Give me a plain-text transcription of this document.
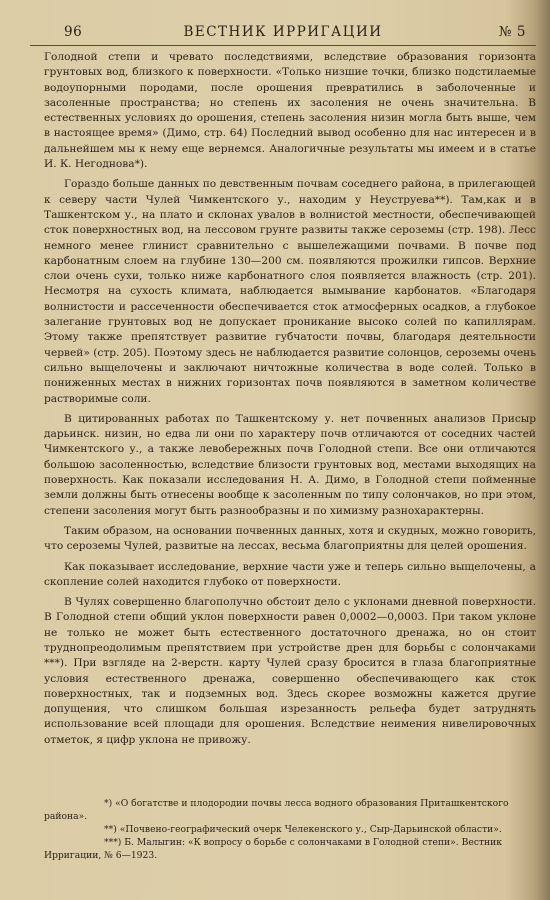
96	ВЕСТНИК ИРРИГАЦИИ	№ 5

Голодной степи и чревато последствиями, вследствие образования горизонта грунтовых вод, близкого к поверхности. «Только низшие точки, близко подстилаемые водоупорными породами, после орошения превратились в заболоченные и засоленные пространства; но степень их засоления не очень значительна. В естественных условиях до орошения, степень засоления низин могла быть выше, чем в настоящее время» (Димо, стр. 64) Последний вывод особенно для нас интересен и в дальнейшем мы к нему еще вернемся. Аналогичные результаты мы имеем и в статье И. К. Негоднова*).

Гораздо больше данных по девственным почвам соседнего района, в прилегающей к северу части Чулей Чимкентского у., находим у Неуструева**). Там,как и в Ташкентском у., на плато и склонах увалов в волнистой местности, обеспечивающей сток поверхностных вод, на лессовом грунте развиты также сероземы (стр. 198). Лесс немного менее глинист сравнительно с вышележащими почвами. В почве под карбонатным слоем на глубине 130—200 см. появляются прожилки гипсов. Верхние слои очень сухи, только ниже карбонатного слоя появляется влажность (стр. 201). Несмотря на сухость климата, наблюдается вымывание карбонатов. «Благодаря волнистости и рассеченности обеспечивается сток атмосферных осадков, а глубокое залегание грунтовых вод не допускает проникание высоко солей по капиллярам. Этому также препятствует развитие губчатости почвы, благодаря деятельности червей» (стр. 205). Поэтому здесь не наблюдается развитие солонцов, сероземы очень сильно выщелочены и заключают ничтожные количества в воде солей. Только в пониженных местах в нижних горизонтах почв появляются в заметном количестве растворимые соли.

В цитированных работах по Ташкентскому у. нет почвенных анализов Присыр дарьинск. низин, но едва ли они по характеру почв отличаются от соседних частей Чимкентского у., а также левобережных почв Голодной степи. Все они отличаются большою засоленностью, вследствие близости грунтовых вод, местами выходящих на поверхность. Как показали исследования Н. А. Димо, в Голодной степи пойменные земли должны быть отнесены вообще к засоленным по типу солончаков, но при этом, степени засоления могут быть разнообразны и по химизму разнохарактерны.

Таким образом, на основании почвенных данных, хотя и скудных, можно говорить, что сероземы Чулей, развитые на лессах, весьма благоприятны для целей орошения.

Как показывает исследование, верхние части уже и теперь сильно выщелочены, а скопление солей находится глубоко от поверхности.

В Чулях совершенно благополучно обстоит дело с уклонами дневной поверхности. В Голодной степи общий уклон поверхности равен 0,0002—0,0003. При таком уклоне не только не может быть естественного достаточного дренажа, но он стоит труднопреодолимым препятствием при устройстве дрен для борьбы с солончаками ***). При взгляде на 2-верстн. карту Чулей сразу бросится в глаза благоприятные условия естественного дренажа, совершенно обеспечивающего как сток поверхностных, так и подземных вод. Здесь скорее возможны кажется другие допущения, что слишком большая изрезанность рельефа будет затруднять использование всей площади для орошения. Вследствие неимения нивелировочных отметок, я цифр уклона не привожу.

*) «О богатстве и плодородии почвы лесса водного образования Приташкентского района».
**) «Почвено-географический очерк Челекенского у., Сыр-Дарьинской области».
***) Б. Малыгин: «К вопросу о борьбе с солончаками в Голодной степи». Вестник Ирригации, № 6—1923.
